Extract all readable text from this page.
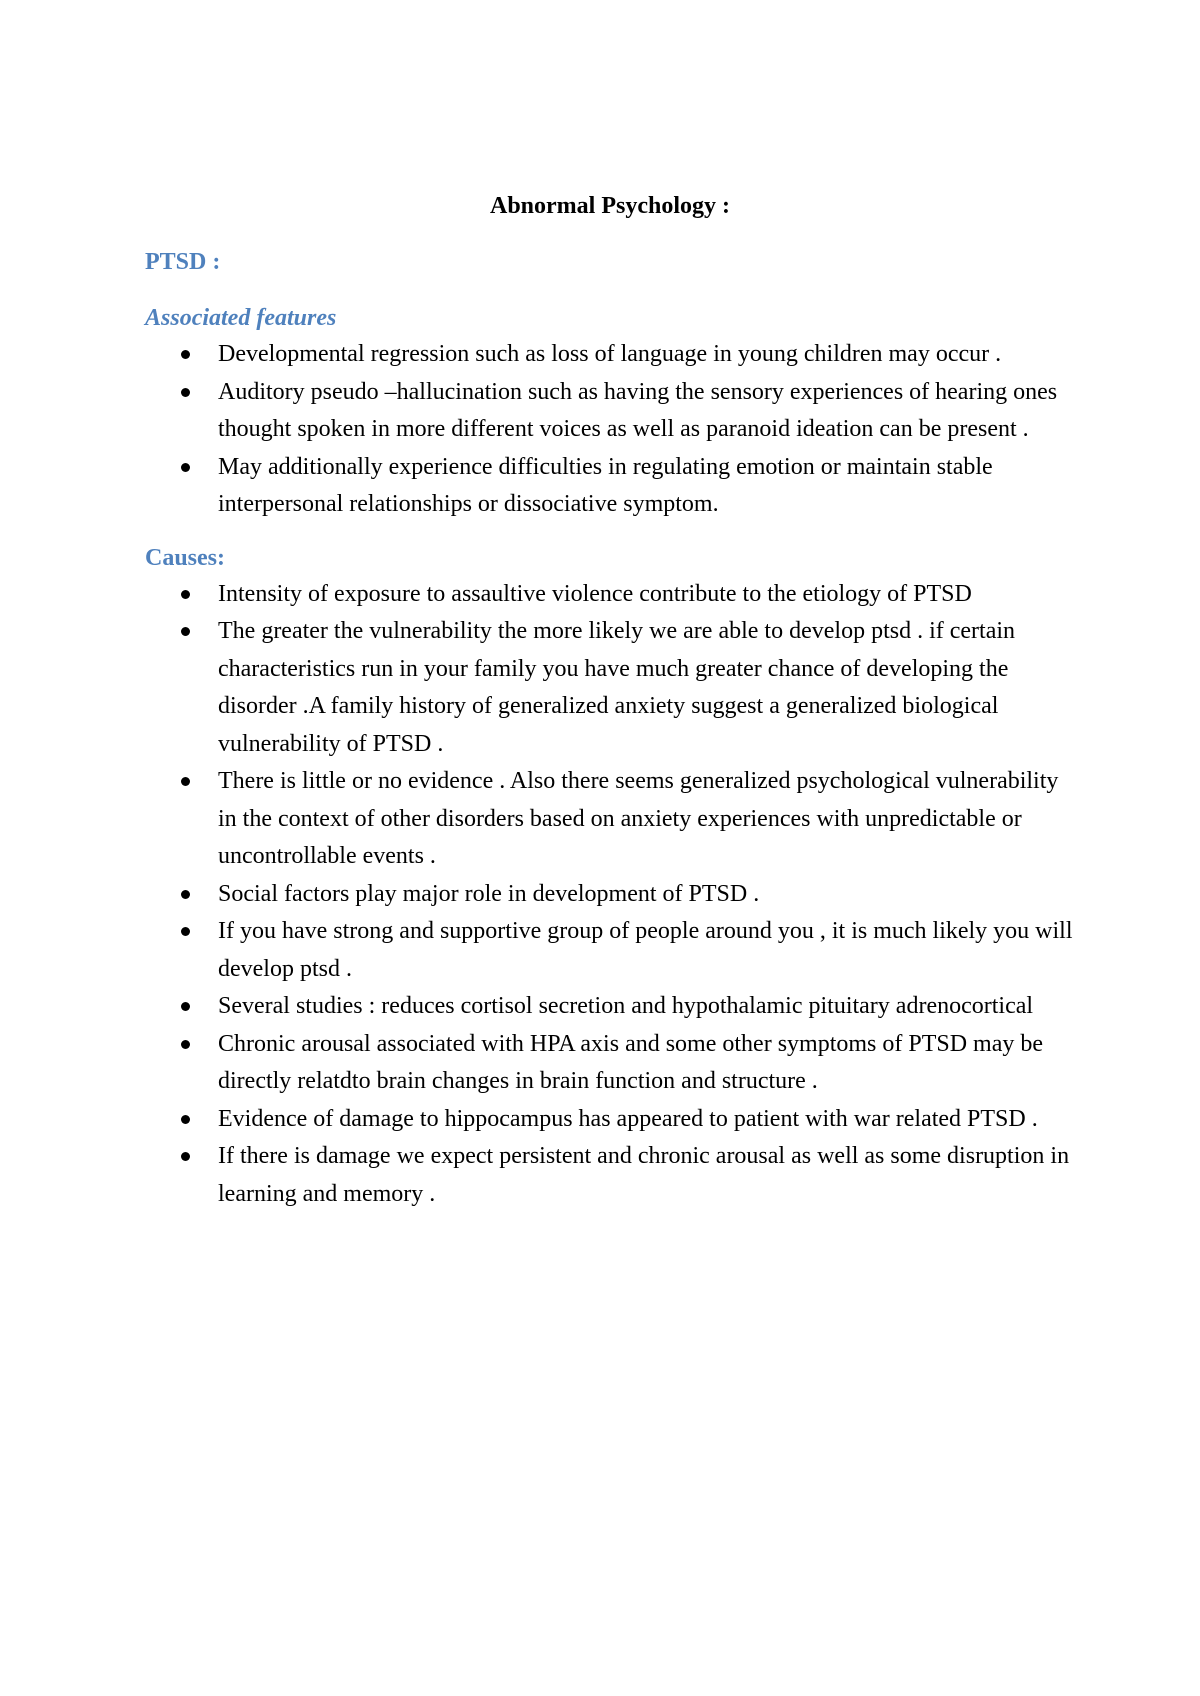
Abnormal Psychology :
PTSD :
Associated features
Developmental regression such as loss of language in young children may occur .
Auditory pseudo –hallucination such as having the sensory experiences of hearing ones thought spoken in more different voices as well as paranoid ideation can be present .
May additionally experience difficulties in regulating emotion or maintain stable interpersonal relationships or dissociative symptom.
Causes:
Intensity of exposure to assaultive violence contribute to the etiology of PTSD
The greater the vulnerability the more likely we are able to develop ptsd . if certain characteristics run in your family you have much greater chance of developing the disorder .A family history of generalized anxiety suggest a generalized biological vulnerability of PTSD .
There is little or no evidence . Also there seems generalized psychological vulnerability in the context of other disorders based on anxiety experiences with unpredictable or uncontrollable events .
Social factors play major role in development of PTSD .
If you have strong and supportive group of people around you , it is much likely you will develop ptsd .
Several studies : reduces cortisol secretion and hypothalamic pituitary adrenocortical
Chronic arousal associated with HPA axis and some other symptoms of PTSD may be directly relatdto brain changes in brain function and structure .
Evidence of damage to hippocampus has appeared to patient with war related PTSD .
If there is damage we expect persistent and chronic arousal as well as some disruption in learning and memory .
